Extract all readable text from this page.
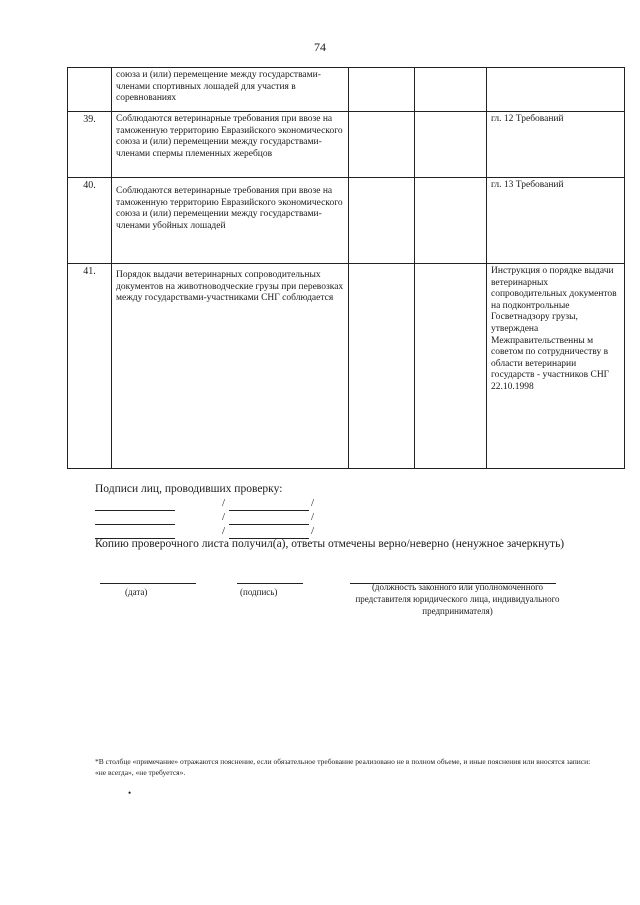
74
	союза и (или) перемещение между государствами-членами спортивных лошадей для участия в соревнованиях			
39.	Соблюдаются ветеринарные требования при ввозе на таможенную территорию Евразийского экономического союза и (или) перемещении между государствами-членами спермы племенных жеребцов			гл. 12 Требований
40.	Соблюдаются ветеринарные требования при ввозе на таможенную территорию Евразийского экономического союза и (или) перемещении между государствами-членами убойных лошадей			гл. 13 Требований
41.	Порядок выдачи ветеринарных сопроводительных документов на животноводческие грузы при перевозках между государствами-участниками СНГ соблюдается			Инструкция о порядке выдачи ветеринарных сопроводительных документов на подконтрольные Госветнадзору грузы, утверждена Межправительственны м советом по сотрудничеству в области ветеринарии государств - участников СНГ 22.10.1998
Подписи лиц, проводивших проверку:
/	/
/	/
/	/
Копию проверочного листа получил(а), ответы отмечены верно/неверно (ненужное зачеркнуть)
(дата)	(подпись)	(должность законного или уполномоченного представителя юридического лица, индивидуального предпринимателя)
*В столбце «примечание» отражаются пояснение, если обязательное требование реализовано не в полном объеме, и иные пояснения или вносятся записи: «не всегда», «не требуется».
•
